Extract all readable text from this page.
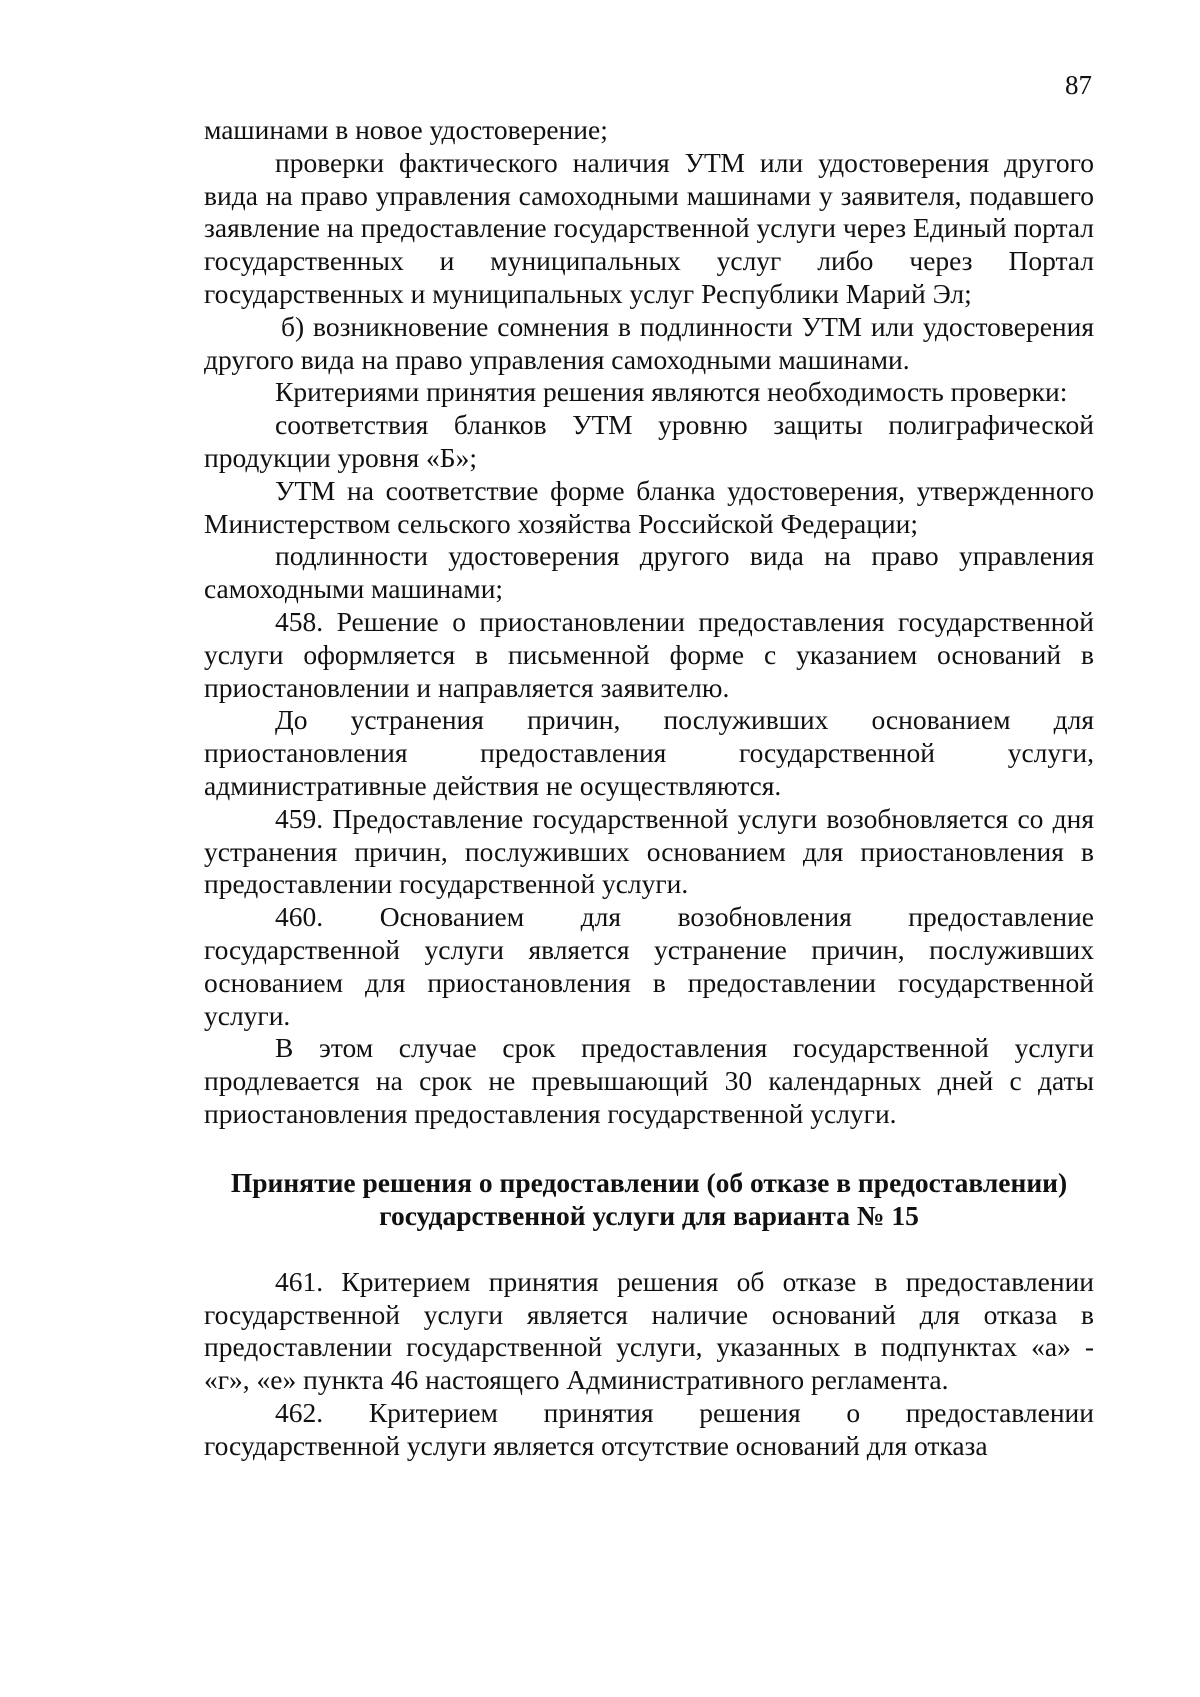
87

машинами в новое удостоверение;

проверки фактического наличия УТМ или удостоверения другого вида на право управления самоходными машинами у заявителя, подавшего заявление на предоставление государственной услуги через Единый портал государственных и муниципальных услуг либо через Портал государственных и муниципальных услуг Республики Марий Эл;

б) возникновение сомнения в подлинности УТМ или удостоверения другого вида на право управления самоходными машинами.

Критериями принятия решения являются необходимость проверки:

соответствия бланков УТМ уровню защиты полиграфической продукции уровня «Б»;

УТМ на соответствие форме бланка удостоверения, утвержденного Министерством сельского хозяйства Российской Федерации;

подлинности удостоверения другого вида на право управления самоходными машинами;

458. Решение о приостановлении предоставления государственной услуги оформляется в письменной форме с указанием оснований в приостановлении и направляется заявителю.

До устранения причин, послуживших основанием для приостановления предоставления государственной услуги, административные действия не осуществляются.

459. Предоставление государственной услуги возобновляется со дня устранения причин, послуживших основанием для приостановления в предоставлении государственной услуги.

460. Основанием для возобновления предоставление государственной услуги является устранение причин, послуживших основанием для приостановления в предоставлении государственной услуги.

В этом случае срок предоставления государственной услуги продлевается на срок не превышающий 30 календарных дней с даты приостановления предоставления государственной услуги.

Принятие решения о предоставлении (об отказе в предоставлении)
государственной услуги для варианта № 15

461. Критерием принятия решения об отказе в предоставлении государственной услуги является наличие оснований для отказа в предоставлении государственной услуги, указанных в подпунктах «а» - «г», «е» пункта 46 настоящего Административного регламента.

462. Критерием принятия решения о предоставлении государственной услуги является отсутствие оснований для отказа
